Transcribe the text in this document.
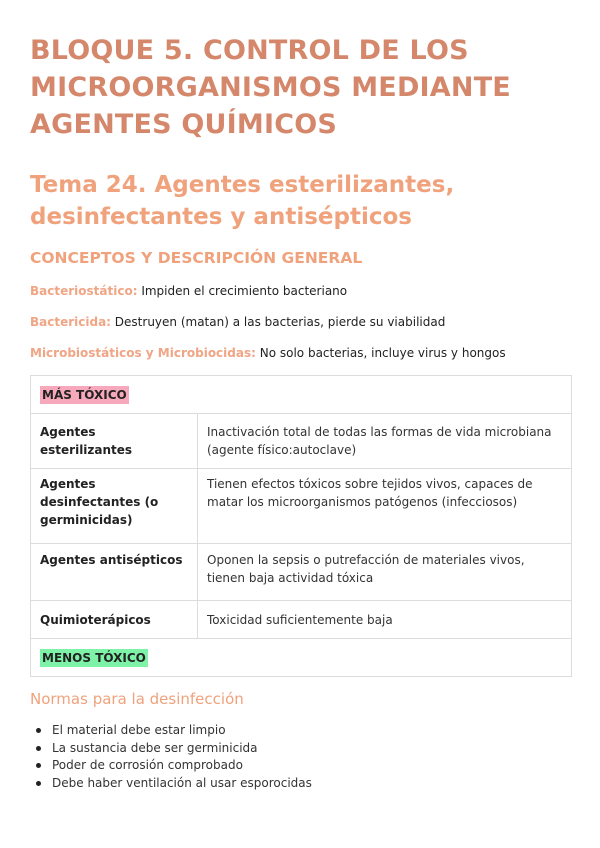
BLOQUE 5. CONTROL DE LOS
MICROORGANISMOS MEDIANTE
AGENTES QUÍMICOS
Tema 24. Agentes esterilizantes,
desinfectantes y antisépticos
CONCEPTOS Y DESCRIPCIÓN GENERAL
Bacteriostático: Impiden el crecimiento bacteriano
Bactericida: Destruyen (matan) a las bacterias, pierde su viabilidad
Microbiostáticos y Microbiocidas: No solo bacterias, incluye virus y hongos
MÁS TÓXICO	
Agentes esterilizantes	Inactivación total de todas las formas de vida microbiana (agente físico:autoclave)
Agentes desinfectantes (o germinicidas)	Tienen efectos tóxicos sobre tejidos vivos, capaces de matar los microorganismos patógenos (infecciosos)
Agentes antisépticos	Oponen la sepsis o putrefacción de materiales vivos, tienen baja actividad tóxica
Quimioterápicos	Toxicidad suficientemente baja
MENOS TÓXICO	
Normas para la desinfección
El material debe estar limpio
La sustancia debe ser germinicida
Poder de corrosión comprobado
Debe haber ventilación al usar esporocidas
